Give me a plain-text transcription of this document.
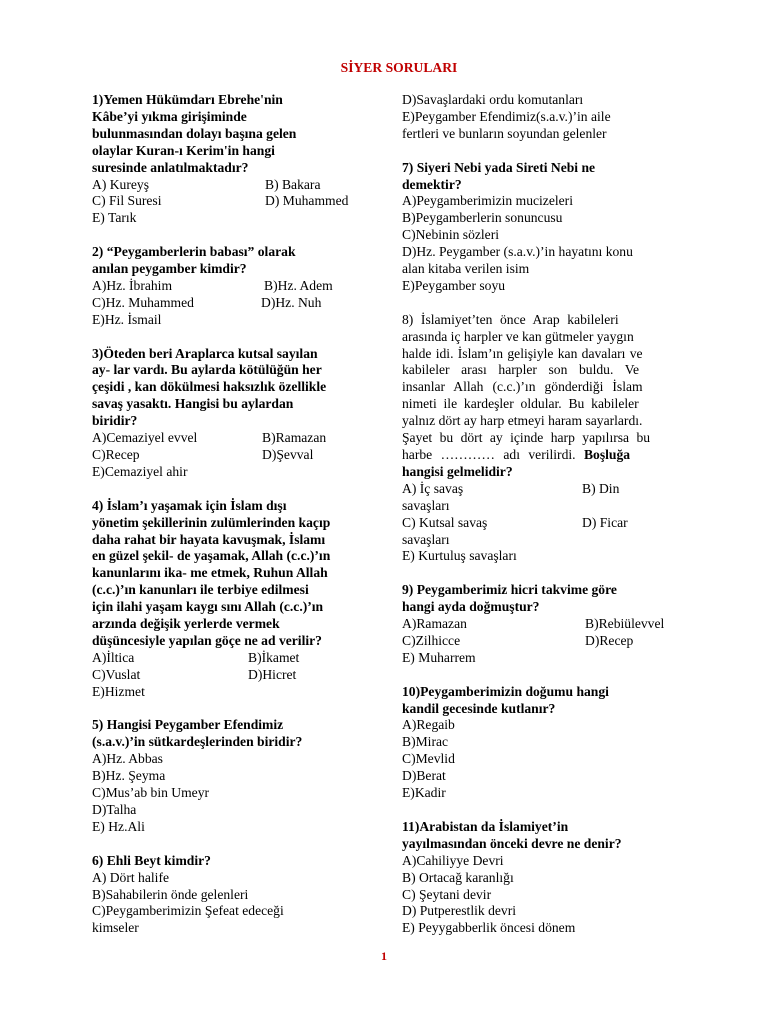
SİYER SORULARI
1)Yemen Hükümdarı Ebrehe'nin
Kâbe’yi yıkma girişiminde
bulunmasından dolayı başına gelen
olaylar Kuran-ı Kerim'in hangi
suresinde anlatılmaktadır?
A) Kureyş	B) Bakara
C) Fil Suresi	D) Muhammed
E) Tarık
2) “Peygamberlerin babası” olarak
anılan peygamber kimdir?
A)Hz. İbrahim	B)Hz. Adem
C)Hz. Muhammed	D)Hz. Nuh
E)Hz. İsmail
3)Öteden beri Araplarca kutsal sayılan
ay- lar vardı. Bu aylarda kötülüğün her
çeşidi , kan dökülmesi haksızlık özellikle
savaş yasaktı. Hangisi bu aylardan
biridir?
A)Cemaziyel evvel	B)Ramazan
C)Recep	D)Şevval
E)Cemaziyel ahir
4) İslam’ı yaşamak için İslam dışı
yönetim şekillerinin zulümlerinden kaçıp
daha rahat bir hayata kavuşmak, İslamı
en güzel şekil- de yaşamak, Allah (c.c.)’ın
kanunlarını ika- me etmek, Ruhun Allah
(c.c.)’ın kanunları ile terbiye edilmesi
için ilahi yaşam kaygı sını Allah (c.c.)’ın
arzında değişik yerlerde vermek
düşüncesiyle yapılan göçe ne ad verilir?
A)İltica	B)İkamet
C)Vuslat	D)Hicret
E)Hizmet
5) Hangisi Peygamber Efendimiz
(s.a.v.)’in sütkardeşlerinden biridir?
A)Hz. Abbas
B)Hz. Şeyma
C)Mus’ab bin Umeyr
D)Talha
E) Hz.Ali
6) Ehli Beyt kimdir?
A) Dört halife
B)Sahabilerin önde gelenleri
C)Peygamberimizin Şefeat edeceği
kimseler
D)Savaşlardaki ordu komutanları
E)Peygamber Efendimiz(s.a.v.)’in aile
fertleri ve bunların soyundan gelenler
7) Siyeri Nebi yada Sireti Nebi ne
demektir?
A)Peygamberimizin mucizeleri
B)Peygamberlerin sonuncusu
C)Nebinin sözleri
D)Hz. Peygamber (s.a.v.)’in hayatını konu
alan kitaba verilen isim
E)Peygamber soyu
8) İslamiyet’ten önce Arap kabileleri
arasında iç harpler ve kan gütmeler yaygın
halde idi. İslam’ın gelişiyle kan davaları ve
kabileler arası harpler son buldu. Ve
insanlar Allah (c.c.)’ın gönderdiği İslam
nimeti ile kardeşler oldular. Bu kabileler
yalnız dört ay harp etmeyi haram sayarlardı.
Şayet bu dört ay içinde harp yapılırsa bu
harbe ………… adı verilirdi. Boşluğa
hangisi gelmelidir?
A) İç savaş	B) Din
savaşları
C) Kutsal savaş	D) Ficar
savaşları
E) Kurtuluş savaşları
9) Peygamberimiz hicri takvime göre
hangi ayda doğmuştur?
A)Ramazan	B)Rebiülevvel
C)Zilhicce	D)Recep
E) Muharrem
10)Peygamberimizin doğumu hangi
kandil gecesinde kutlanır?
A)Regaib
B)Mirac
C)Mevlid
D)Berat
E)Kadir
11)Arabistan da İslamiyet’in
yayılmasından önceki devre ne denir?
A)Cahiliyye Devri
B) Ortacağ karanlığı
C) Şeytani devir
D) Putperestlik devri
E) Peyygabberlik öncesi dönem
1
